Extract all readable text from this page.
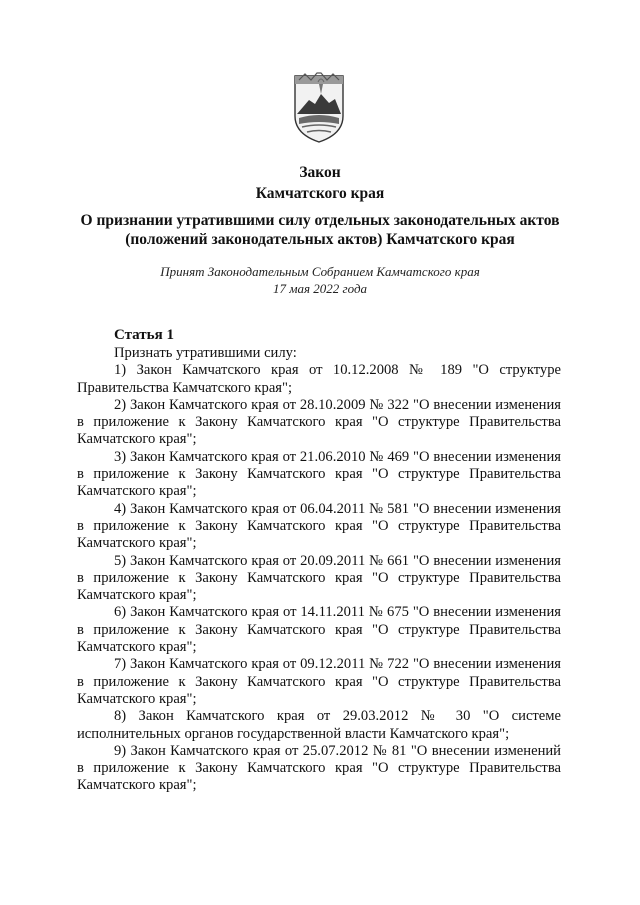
Закон
Камчатского края
О признании утратившими силу отдельных законодательных актов
(положений законодательных актов) Камчатского края
Принят Законодательным Собранием Камчатского края
17 мая 2022 года
Статья 1

Признать утратившими силу:

1) Закон Камчатского края от 10.12.2008 № 189 "О структуре Правительства Камчатского края";

2) Закон Камчатского края от 28.10.2009 № 322 "О внесении изменения в приложение к Закону Камчатского края "О структуре Правительства Камчатского края";

3) Закон Камчатского края от 21.06.2010 № 469 "О внесении изменения в приложение к Закону Камчатского края "О структуре Правительства Камчатского края";

4) Закон Камчатского края от 06.04.2011 № 581 "О внесении изменения в приложение к Закону Камчатского края "О структуре Правительства Камчатского края";

5) Закон Камчатского края от 20.09.2011 № 661 "О внесении изменения в приложение к Закону Камчатского края "О структуре Правительства Камчатского края";

6) Закон Камчатского края от 14.11.2011 № 675 "О внесении изменения в приложение к Закону Камчатского края "О структуре Правительства Камчатского края";

7) Закон Камчатского края от 09.12.2011 № 722 "О внесении изменения в приложение к Закону Камчатского края "О структуре Правительства Камчатского края";

8) Закон Камчатского края от 29.03.2012 № 30 "О системе исполнительных органов государственной власти Камчатского края";

9) Закон Камчатского края от 25.07.2012 № 81 "О внесении изменений в приложение к Закону Камчатского края "О структуре Правительства Камчатского края";
